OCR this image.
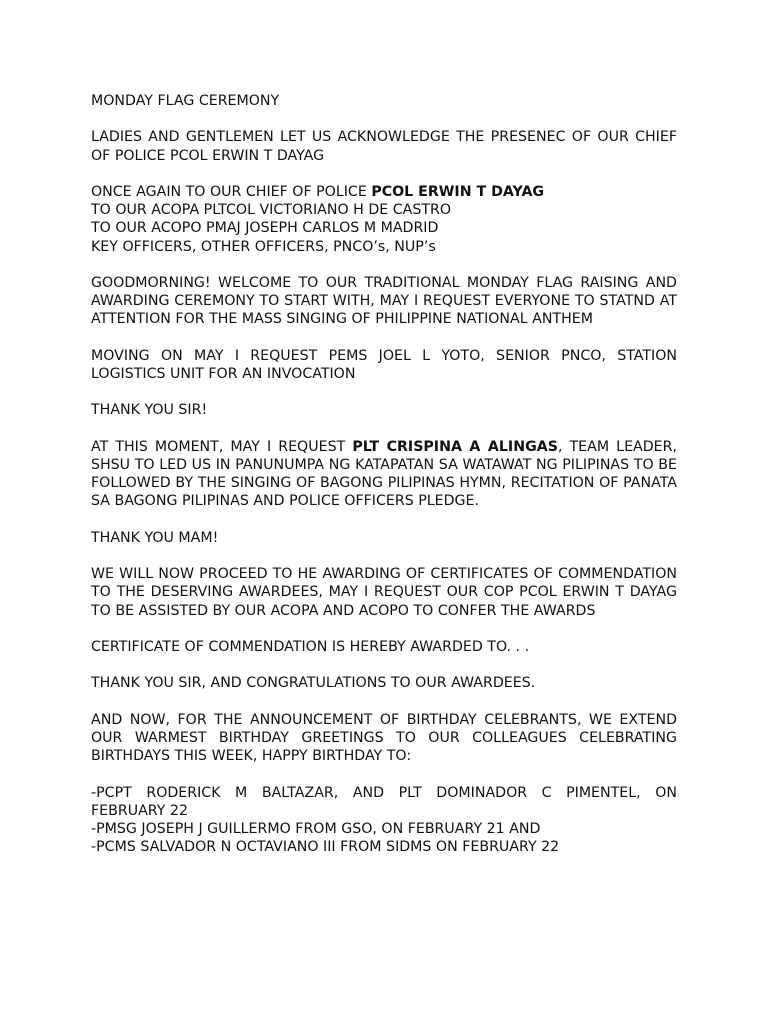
MONDAY FLAG CEREMONY

LADIES AND GENTLEMEN LET US ACKNOWLEDGE THE PRESENEC OF OUR CHIEF OF POLICE PCOL ERWIN T DAYAG

ONCE AGAIN TO OUR CHIEF OF POLICE PCOL ERWIN T DAYAG
TO OUR ACOPA PLTCOL VICTORIANO H DE CASTRO
TO OUR ACOPO PMAJ JOSEPH CARLOS M MADRID
KEY OFFICERS, OTHER OFFICERS, PNCO’s, NUP’s

GOODMORNING! WELCOME TO OUR TRADITIONAL MONDAY FLAG RAISING AND AWARDING CEREMONY TO START WITH, MAY I REQUEST EVERYONE TO STATND AT ATTENTION FOR THE MASS SINGING OF PHILIPPINE NATIONAL ANTHEM

MOVING ON MAY I REQUEST PEMS JOEL L YOTO, SENIOR PNCO, STATION LOGISTICS UNIT FOR AN INVOCATION

THANK YOU SIR!

AT THIS MOMENT, MAY I REQUEST PLT CRISPINA A ALINGAS, TEAM LEADER, SHSU TO LED US IN PANUNUMPA NG KATAPATAN SA WATAWAT NG PILIPINAS TO BE FOLLOWED BY THE SINGING OF BAGONG PILIPINAS HYMN, RECITATION OF PANATA SA BAGONG PILIPINAS AND POLICE OFFICERS PLEDGE.

THANK YOU MAM!

WE WILL NOW PROCEED TO HE AWARDING OF CERTIFICATES OF COMMENDATION TO THE DESERVING AWARDEES, MAY I REQUEST OUR COP PCOL ERWIN T DAYAG TO BE ASSISTED BY OUR ACOPA AND ACOPO TO CONFER THE AWARDS

CERTIFICATE OF COMMENDATION IS HEREBY AWARDED TO. . .

THANK YOU SIR, AND CONGRATULATIONS TO OUR AWARDEES.

AND NOW, FOR THE ANNOUNCEMENT OF BIRTHDAY CELEBRANTS, WE EXTEND OUR WARMEST BIRTHDAY GREETINGS TO OUR COLLEAGUES CELEBRATING BIRTHDAYS THIS WEEK, HAPPY BIRTHDAY TO:

-PCPT RODERICK M BALTAZAR, AND PLT DOMINADOR C PIMENTEL, ON
FEBRUARY 22
-PMSG JOSEPH J GUILLERMO FROM GSO, ON FEBRUARY 21 AND
-PCMS SALVADOR N OCTAVIANO III FROM SIDMS ON FEBRUARY 22
